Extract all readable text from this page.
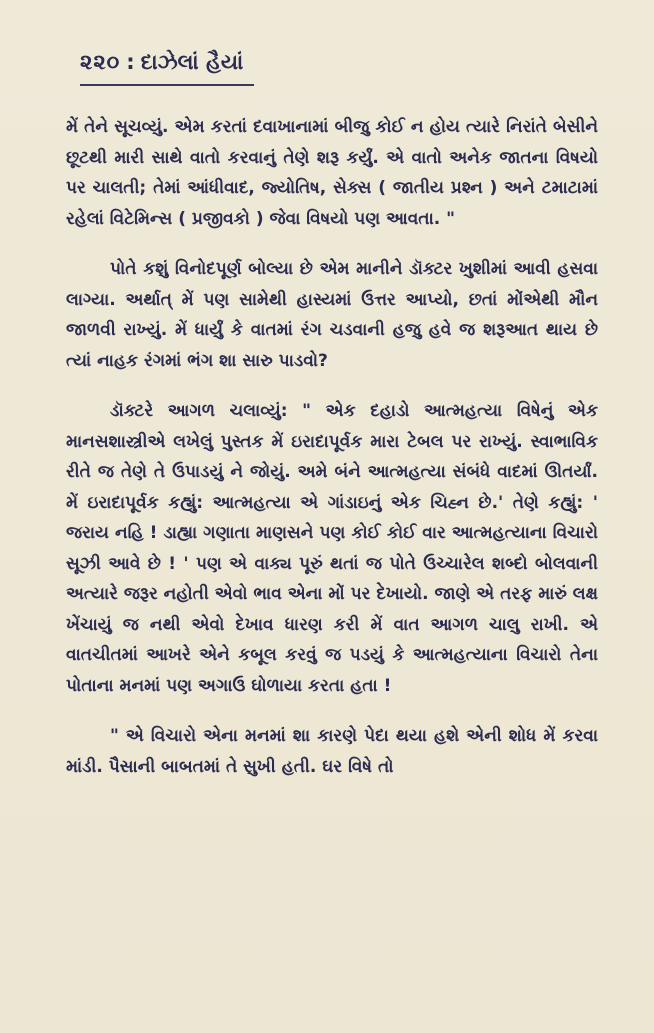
૨૨૦ : દાઝેલાં હૈયાં

મેં તેને સૂચવ્યું. એમ કરતાં દવાખાનામાં બીજુ કોઈ ન હોય ત્યારે નિરાંતે બેસીને છૂટથી મારી સાથે વાતો કરવાનું તેણે શરૂ કર્યું. એ વાતો અનેક જાતના વિષયો પર ચાલતી; તેમાં આંધીવાદ, જ્યોતિષ, સેક્સ ( જાતીય પ્રશ્ન ) અને ટમાટામાં રહેલાં વિટેમિન્સ ( પ્રજીવકો ) જેવા વિષયો પણ આવતા. "

પોતે કશું વિનોદપૂર્ણ બોલ્યા છે એમ માનીને ડૉક્ટર ખુશીમાં આવી હસવા લાગ્યા. અર્થાત્ મેં પણ સામેથી હાસ્યમાં ઉત્તર આપ્યો, છતાં મોંએથી મૌન જાળવી રાખ્યું. મેં ધાર્યું કે વાતમાં રંગ ચડવાની હજુ હવે જ શરૂઆત થાય છે ત્યાં નાહક રંગમાં ભંગ શા સારુ પાડવો?

ડૉક્ટરે આગળ ચલાવ્યું: " એક દહાડો આત્મહત્યા વિષેનું એક માનસશાસ્ત્રીએ લખેલું પુસ્તક મેં ઇરાદાપૂર્વક મારા ટેબલ પર રાખ્યું. સ્વાભાવિક રીતે જ તેણે તે ઉપાડયું ને જોયું. અમે બંને આત્મહત્યા સંબંધે વાદમાં ઊતર્યાં. મેં ઇરાદાપૂર્વક કહ્યું: આત્મહત્યા એ ગાંડાઇનું એક ચિહ્ન છે.' તેણે કહ્યું: ' જરાય નહિ ! ડાહ્યા ગણાતા માણસને પણ કોઈ કોઈ વાર આત્મહત્યાના વિચારો સૂઝી આવે છે ! ' પણ એ વાક્ય પૂરું થતાં જ પોતે ઉચ્ચારેલ શબ્દો બોલવાની અત્યારે જરૂર નહોતી એવો ભાવ એના મોં પર દેખાયો. જાણે એ તરફ મારું લક્ષ ખેંચાયું જ નથી એવો દેખાવ ધારણ કરી મેં વાત આગળ ચાલુ રાખી. એ વાતચીતમાં આખરે એને કબૂલ કરવું જ પડયું કે આત્મહત્યાના વિચારો તેના પોતાના મનમાં પણ અગાઉ ઘોળાયા કરતા હતા !

" એ વિચારો એના મનમાં શા કારણે પેદા થયા હશે એની શોધ મેં કરવા માંડી. પૈસાની બાબતમાં તે સુખી હતી. ઘર વિષે તો
